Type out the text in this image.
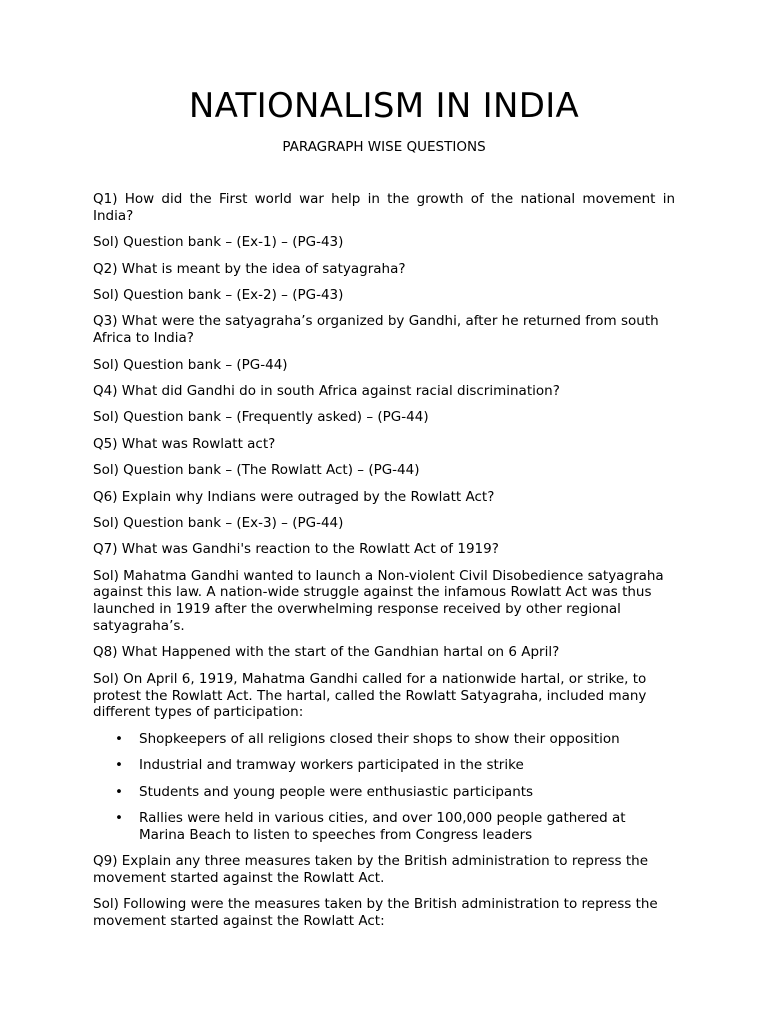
NATIONALISM IN INDIA

PARAGRAPH WISE QUESTIONS

Q1) How did the First world war help in the growth of the national movement in India?

Sol) Question bank – (Ex-1) – (PG-43)

Q2) What is meant by the idea of satyagraha?

Sol) Question bank – (Ex-2) – (PG-43)

Q3) What were the satyagraha’s organized by Gandhi, after he returned from south Africa to India?

Sol) Question bank – (PG-44)

Q4) What did Gandhi do in south Africa against racial discrimination?

Sol) Question bank – (Frequently asked) – (PG-44)

Q5) What was Rowlatt act?

Sol) Question bank – (The Rowlatt Act) – (PG-44)

Q6) Explain why Indians were outraged by the Rowlatt Act?

Sol) Question bank – (Ex-3) – (PG-44)

Q7) What was Gandhi's reaction to the Rowlatt Act of 1919?

Sol) Mahatma Gandhi wanted to launch a Non-violent Civil Disobedience satyagraha against this law. A nation-wide struggle against the infamous Rowlatt Act was thus launched in 1919 after the overwhelming response received by other regional satyagraha’s.

Q8) What Happened with the start of the Gandhian hartal on 6 April?

Sol) On April 6, 1919, Mahatma Gandhi called for a nationwide hartal, or strike, to protest the Rowlatt Act. The hartal, called the Rowlatt Satyagraha, included many different types of participation:

• Shopkeepers of all religions closed their shops to show their opposition
• Industrial and tramway workers participated in the strike
• Students and young people were enthusiastic participants
• Rallies were held in various cities, and over 100,000 people gathered at Marina Beach to listen to speeches from Congress leaders

Q9) Explain any three measures taken by the British administration to repress the movement started against the Rowlatt Act.

Sol) Following were the measures taken by the British administration to repress the movement started against the Rowlatt Act:
